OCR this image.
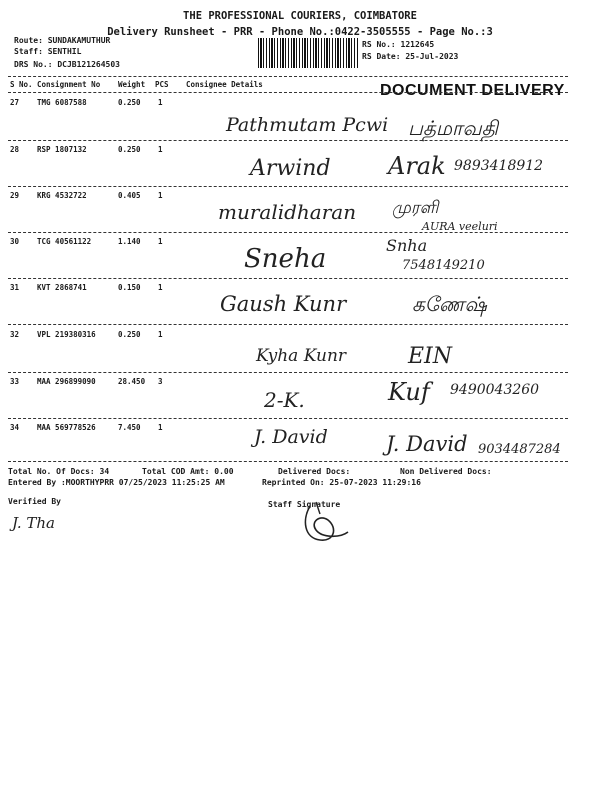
THE PROFESSIONAL COURIERS, COIMBATORE
Delivery Runsheet - PRR - Phone No.:0422-3505555 - Page No.:3
Route: SUNDAKAMUTHUR
Staff: SENTHIL
DRS No.: DCJB121264503
RS No.: 1212645
RS Date: 25-Jul-2023
S No. Consignment No Weight PCS Consignee Details	DOCUMENT DELIVERY
27 TMG 6087588	0.250 1
Pathmutam Pcwi பத்மாவதி
28 RSP 1807132	0.250 1
Arwind Arak 9893418912
29 KRG 4532722	0.405 1
muralidharan முரளி
AURA veeluri
30 TCG 40561122	1.140 1
Sneha	Snha
7548149210
31 KVT 2868741	0.150 1
Gaush Kunr	கணேஷ்
32 VPL 219380316	0.250 1
Kyha Kunr	EIN
33 MAA 296899090	28.450 3
2-K.	Kuf 9490043260
34 MAA 569778526	7.450 1	J. David	J. David 9034487284
Total No. Of Docs: 34	Total COD Amt: 0.00	Delivered Docs:	Non Delivered Docs:
Entered By :MOORTHYPRR 07/25/2023 11:25:25 AM	Reprinted On: 25-07-2023 11:29:16
Verified By	Staff Signature
J. Tha
